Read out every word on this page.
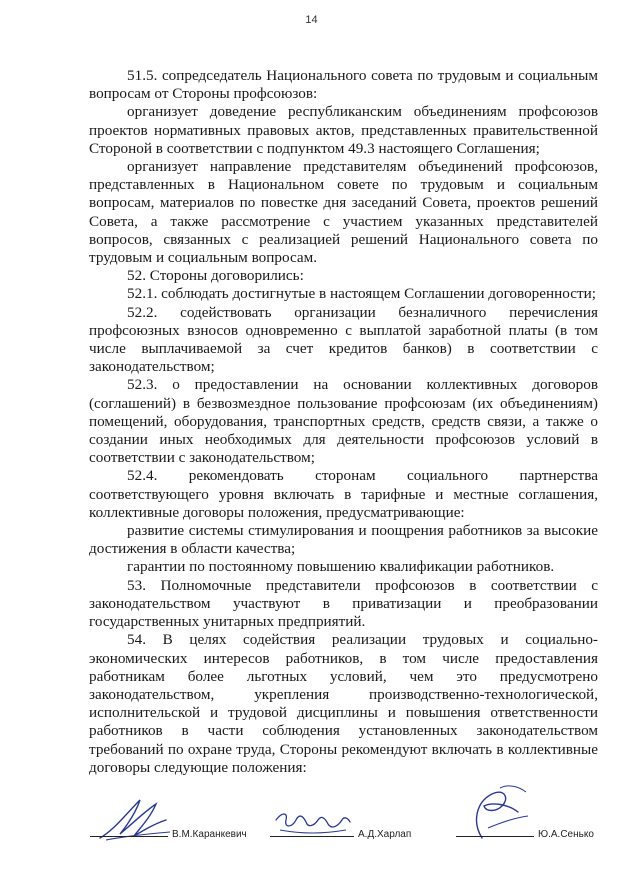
14

51.5. сопредседатель Национального совета по трудовым и социальным вопросам от Стороны профсоюзов:

организует доведение республиканским объединениям профсоюзов проектов нормативных правовых актов, представленных правительственной Стороной в соответствии с подпунктом 49.3 настоящего Соглашения;

организует направление представителям объединений профсоюзов, представленных в Национальном совете по трудовым и социальным вопросам, материалов по повестке дня заседаний Совета, проектов решений Совета, а также рассмотрение с участием указанных представителей вопросов, связанных с реализацией решений Национального совета по трудовым и социальным вопросам.

52. Стороны договорились:

52.1. соблюдать достигнутые в настоящем Соглашении договоренности;

52.2. содействовать организации безналичного перечисления профсоюзных взносов одновременно с выплатой заработной платы (в том числе выплачиваемой за счет кредитов банков) в соответствии с законодательством;

52.3. о предоставлении на основании коллективных договоров (соглашений) в безвозмездное пользование профсоюзам (их объединениям) помещений, оборудования, транспортных средств, средств связи, а также о создании иных необходимых для деятельности профсоюзов условий в соответствии с законодательством;

52.4. рекомендовать сторонам социального партнерства соответствующего уровня включать в тарифные и местные соглашения, коллективные договоры положения, предусматривающие:

развитие системы стимулирования и поощрения работников за высокие достижения в области качества;

гарантии по постоянному повышению квалификации работников.

53. Полномочные представители профсоюзов в соответствии с законодательством участвуют в приватизации и преобразовании государственных унитарных предприятий.

54. В целях содействия реализации трудовых и социально-экономических интересов работников, в том числе предоставления работникам более льготных условий, чем это предусмотрено законодательством, укрепления производственно-технологической, исполнительской и трудовой дисциплины и повышения ответственности работников в части соблюдения установленных законодательством требований по охране труда, Стороны рекомендуют включать в коллективные договоры следующие положения:

В.М.Каранкевич	А.Д.Харлап	Ю.А.Сенько
